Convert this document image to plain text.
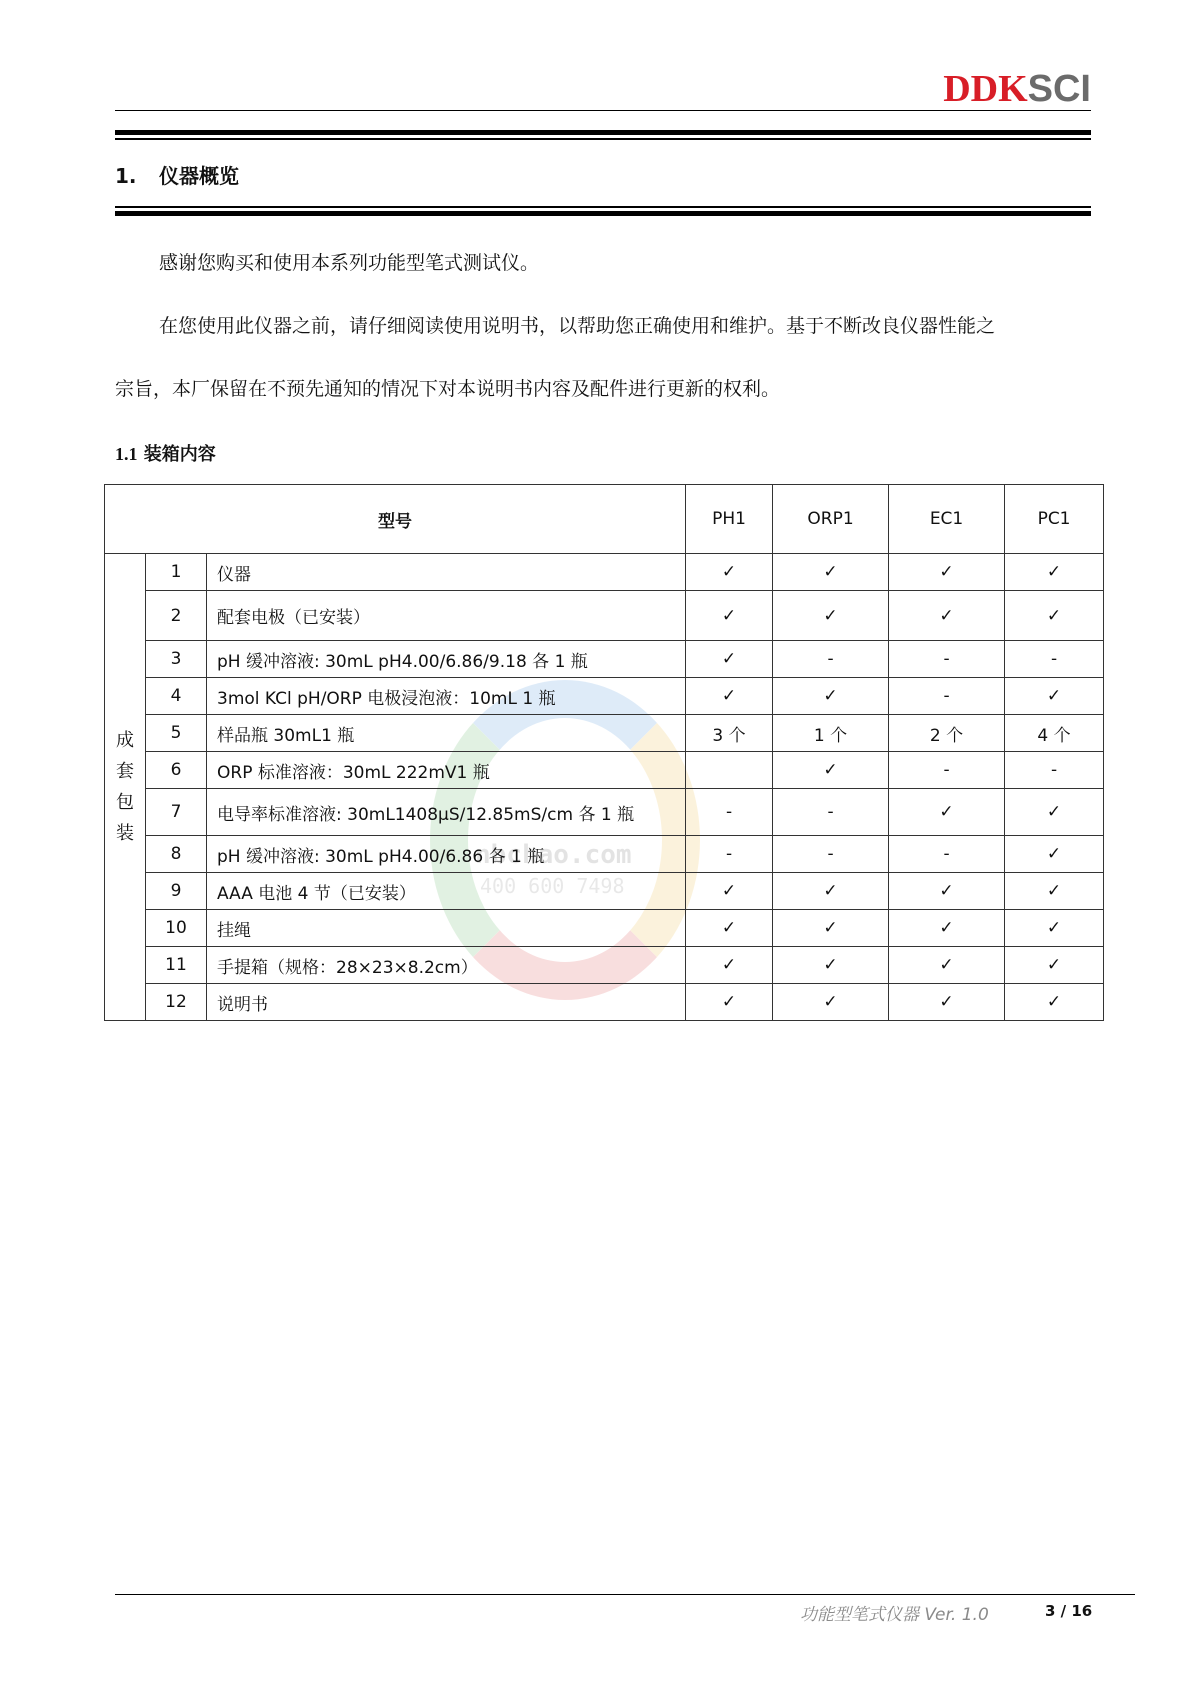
DDKSCI
1. 仪器概览
感谢您购买和使用本系列功能型笔式测试仪。
在您使用此仪器之前，请仔细阅读使用说明书，以帮助您正确使用和维护。基于不断改良仪器性能之
宗旨，本厂保留在不预先通知的情况下对本说明书内容及配件进行更新的权利。
1.1 装箱内容
nbchao.com
400 600 7498
型号			PH1	ORP1	EC1	PC1

成
套
包
装	1	仪器	✓	✓	✓	✓
	2	配套电极（已安装）	✓	✓	✓	✓
	3	pH 缓冲溶液: 30mL pH4.00/6.86/9.18 各 1 瓶	✓	-	-	-
	4	3mol KCl pH/ORP 电极浸泡液：10mL 1 瓶	✓	✓	-	✓
	5	样品瓶 30mL1 瓶	3 个	1 个	2 个	4 个
	6	ORP 标准溶液：30mL 222mV1 瓶		✓	-	-
	7	电导率标准溶液: 30mL1408μS/12.85mS/cm 各 1 瓶	-	-	✓	✓
	8	pH 缓冲溶液: 30mL pH4.00/6.86 各 1 瓶	-	-	-	✓
	9	AAA 电池 4 节（已安装）	✓	✓	✓	✓
	10	挂绳	✓	✓	✓	✓
	11	手提箱（规格：28×23×8.2cm）	✓	✓	✓	✓
	12	说明书	✓	✓	✓	✓
功能型笔式仪器 Ver. 1.0	3 / 16
